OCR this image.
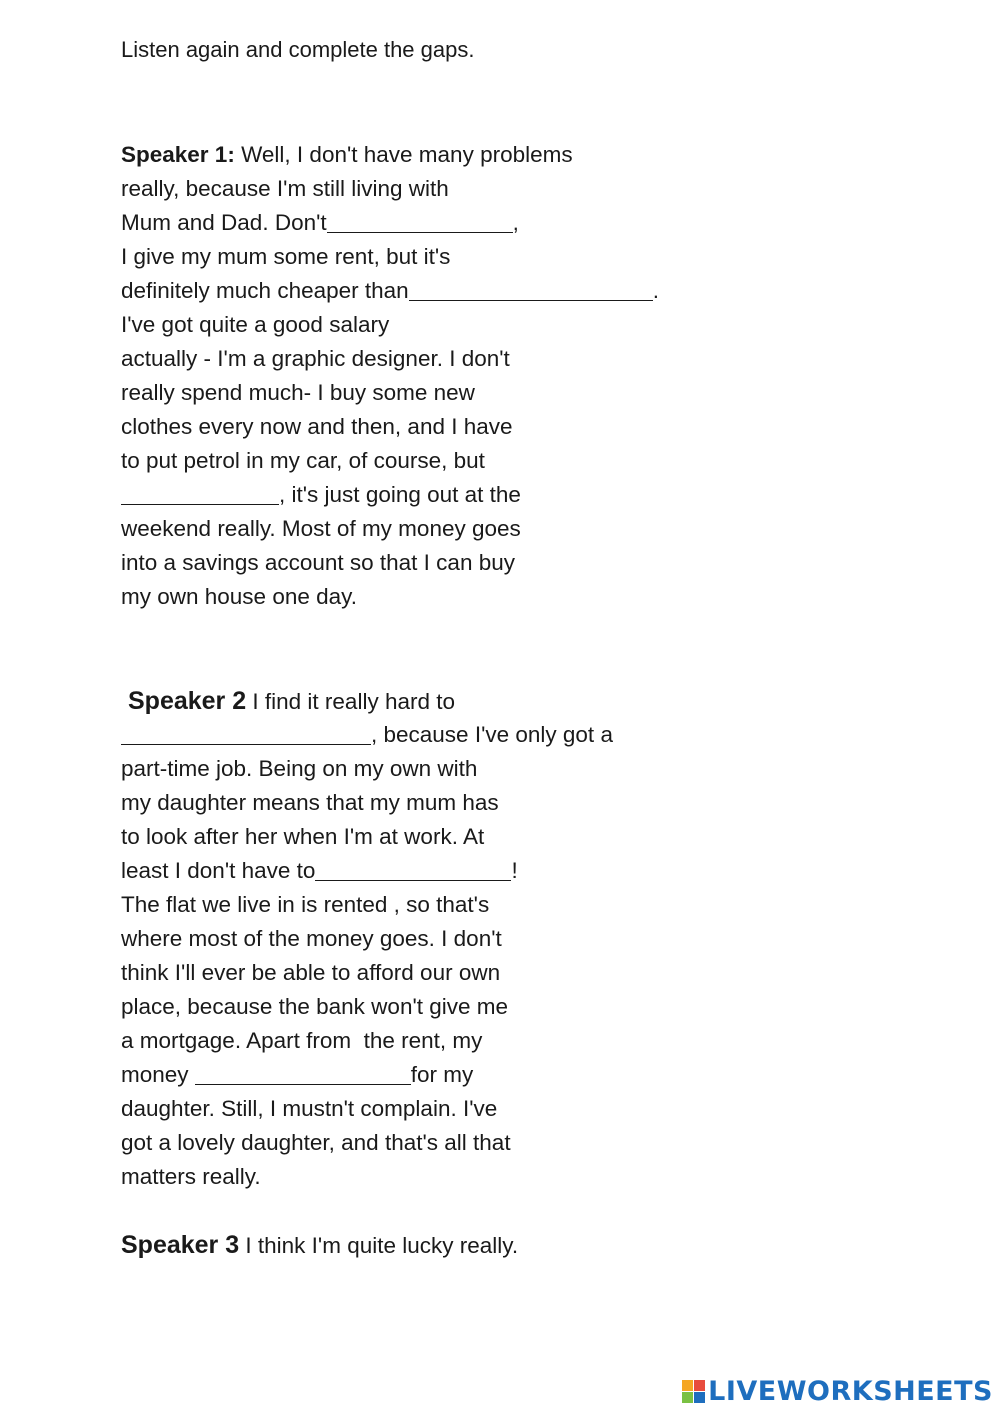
Listen again and complete the gaps.
Speaker 1: Well, I don't have many problems
really, because I'm still living with
Mum and Dad. Don't	,
I give my mum some rent, but it's
definitely much cheaper than	.
I've got quite a good salary
actually - I'm a graphic designer. I don't
really spend much- I buy some new
clothes every now and then, and I have
to put petrol in my car, of course, but
, it's just going out at the
weekend really. Most of my money goes
into a savings account so that I can buy
my own house one day.
Speaker 2 I find it really hard to
, because I've only got a
part-time job. Being on my own with
my daughter means that my mum has
to look after her when I'm at work. At
least I don't have to	!
The flat we live in is rented , so that's
where most of the money goes. I don't
think I'll ever be able to afford our own
place, because the bank won't give me
a mortgage. Apart from  the rent, my
money	for my
daughter. Still, I mustn't complain. I've
got a lovely daughter, and that's all that
matters really.
Speaker 3 I think I'm quite lucky really.
LIVEWORKSHEETS
